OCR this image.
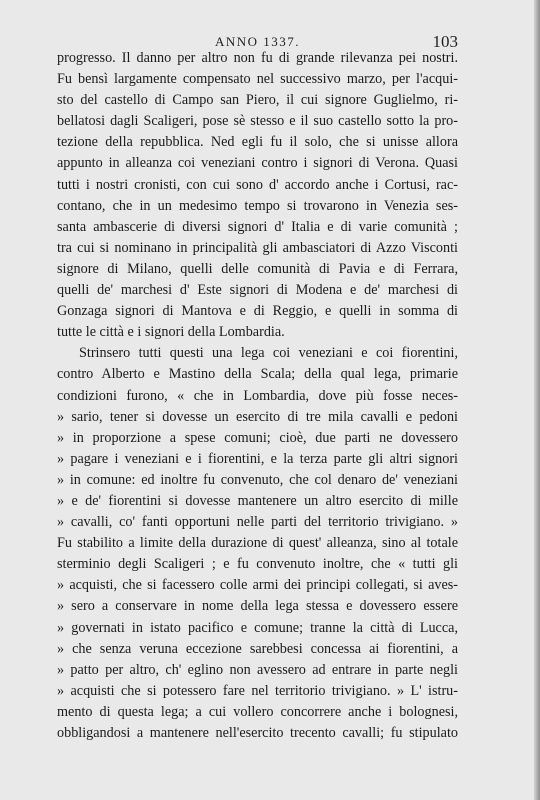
ANNO 1337.	103
progresso. Il danno per altro non fu di grande rilevanza pei nostri.
Fu bensì largamente compensato nel successivo marzo, per l'acqui-
sto del castello di Campo san Piero, il cui signore Guglielmo, ri-
bellatosi dagli Scaligeri, pose sè stesso e il suo castello sotto la pro-
tezione della repubblica. Ned egli fu il solo, che si unisse allora
appunto in alleanza coi veneziani contro i signori di Verona. Quasi
tutti i nostri cronisti, con cui sono d' accordo anche i Cortusi, rac-
contano, che in un medesimo tempo si trovarono in Venezia ses-
santa ambascerie di diversi signori d' Italia e di varie comunità ;
tra cui si nominano in principalità gli ambasciatori di Azzo Visconti
signore di Milano, quelli delle comunità di Pavia e di Ferrara,
quelli de' marchesi d' Este signori di Modena e de' marchesi di
Gonzaga signori di Mantova e di Reggio, e quelli in somma di
tutte le città e i signori della Lombardia.
Strinsero tutti questi una lega coi veneziani e coi fiorentini,
contro Alberto e Mastino della Scala; della qual lega, primarie
condizioni furono, « che in Lombardia, dove più fosse neces-
» sario, tener si dovesse un esercito di tre mila cavalli e pedoni
» in proporzione a spese comuni; cioè, due parti ne dovessero
» pagare i veneziani e i fiorentini, e la terza parte gli altri signori
» in comune: ed inoltre fu convenuto, che col denaro de' veneziani
» e de' fiorentini si dovesse mantenere un altro esercito di mille
» cavalli, co' fanti opportuni nelle parti del territorio trivigiano. »
Fu stabilito a limite della durazione di quest' alleanza, sino al totale
sterminio degli Scaligeri ; e fu convenuto inoltre, che « tutti gli
» acquisti, che si facessero colle armi dei principi collegati, si aves-
» sero a conservare in nome della lega stessa e dovessero essere
» governati in istato pacifico e comune; tranne la città di Lucca,
» che senza veruna eccezione sarebbesi concessa ai fiorentini, a
» patto per altro, ch' eglino non avessero ad entrare in parte negli
» acquisti che si potessero fare nel territorio trivigiano. » L' istru-
mento di questa lega; a cui vollero concorrere anche i bolognesi,
obbligandosi a mantenere nell'esercito trecento cavalli; fu stipulato
